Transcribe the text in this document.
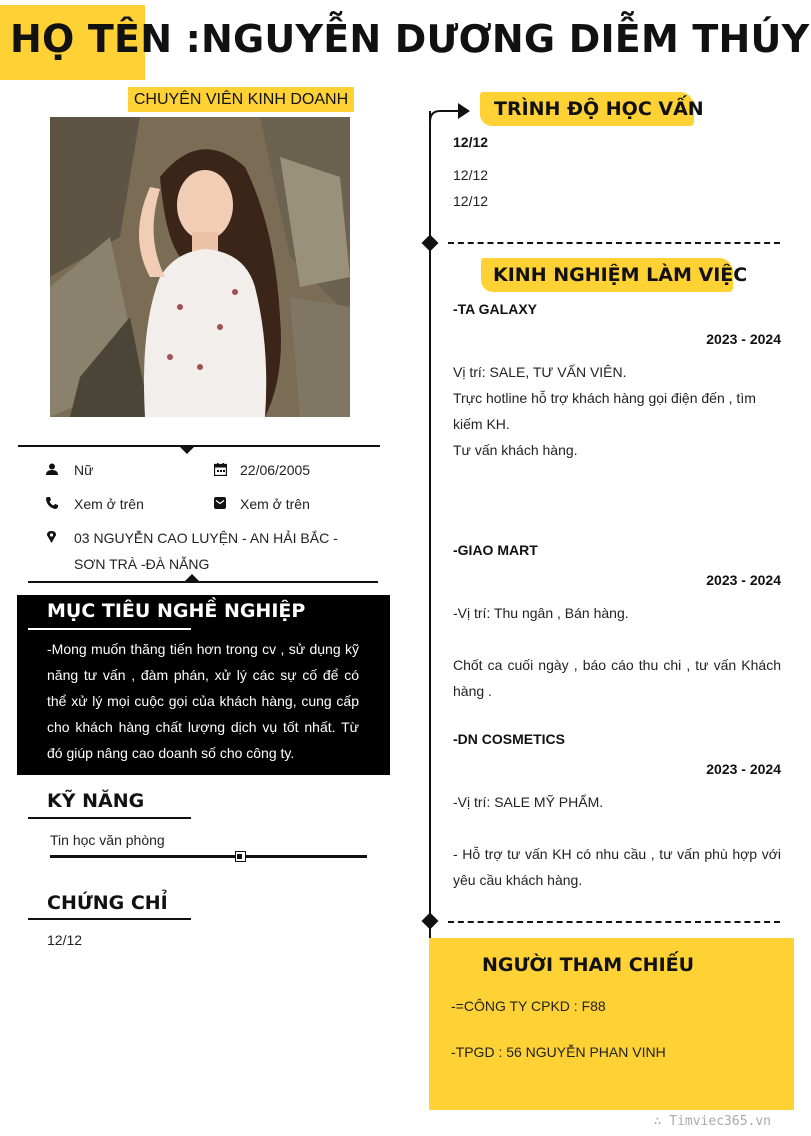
HỌ TÊN :NGUYỄN DƯƠNG DIỄM THÚY
CHUYÊN VIÊN KINH DOANH
Nữ	22/06/2005
Xem ở trên	Xem ở trên
03 NGUYỄN CAO LUYỆN - AN HẢI BẮC -
SƠN TRÀ -ĐÀ NẴNG
MỤC TIÊU NGHỀ NGHIỆP
-Mong muốn thăng tiến hơn trong cv , sử dụng kỹ năng tư vấn , đàm phán, xử lý các sự cố để có thể xử lý mọi cuộc gọi của khách hàng, cung cấp cho khách hàng chất lượng dịch vụ tốt nhất. Từ đó giúp nâng cao doanh số cho công ty.
KỸ NĂNG
Tin học văn phòng
CHỨNG CHỈ
12/12
TRÌNH ĐỘ HỌC VẤN
12/12
12/12
12/12
KINH NGHIỆM LÀM VIỆC
-TA GALAXY
2023 - 2024
Vị trí: SALE, TƯ VẤN VIÊN.
Trực hotline hỗ trợ khách hàng gọi điện đến , tìm kiếm KH.
Tư vấn khách hàng.
-GIAO MART
2023 - 2024
-Vị trí: Thu ngân , Bán hàng.
Chốt ca cuối ngày , báo cáo thu chi , tư vấn Khách hàng .
-DN COSMETICS
2023 - 2024
-Vị trí: SALE MỸ PHẨM.
- Hỗ trợ tư vấn KH có nhu cầu , tư vấn phù hợp với yêu cầu khách hàng.
NGƯỜI THAM CHIẾU
-=CÔNG TY CPKD : F88
-TPGD : 56 NGUYỄN PHAN VINH
∴ Timviec365.vn
